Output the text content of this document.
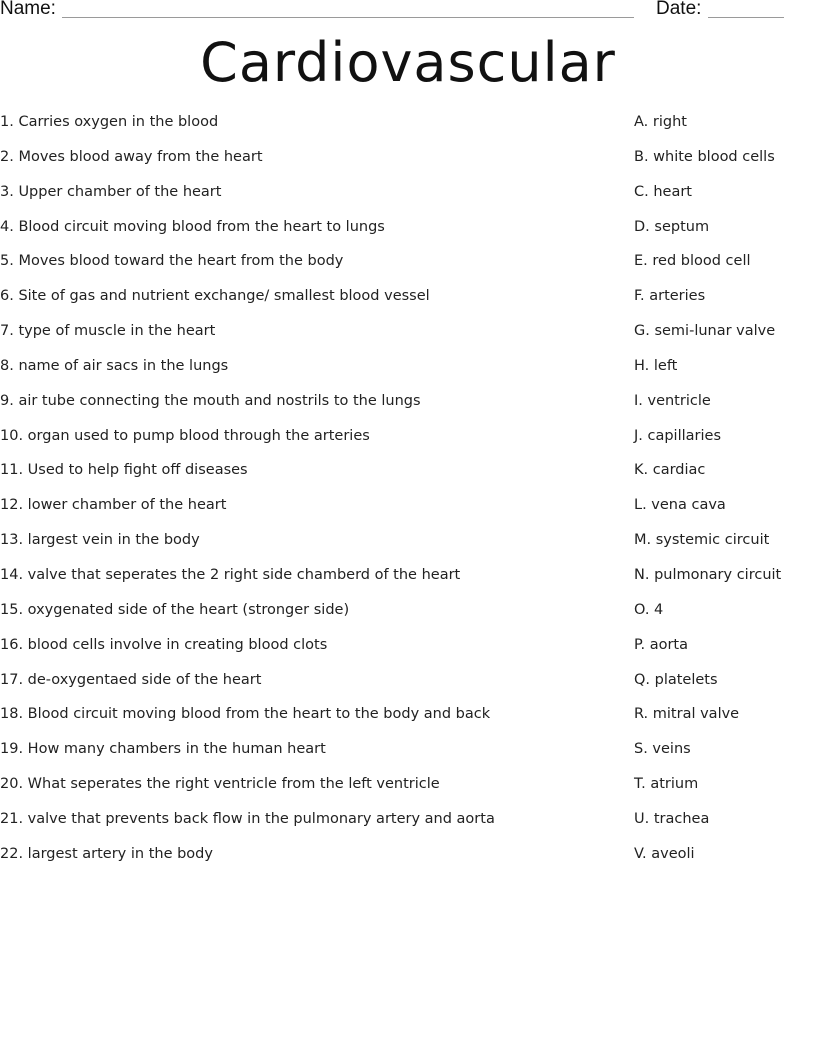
Name:	Date:
Cardiovascular
1. Carries oxygen in the blood
2. Moves blood away from the heart
3. Upper chamber of the heart
4. Blood circuit moving blood from the heart to lungs
5. Moves blood toward the heart from the body
6. Site of gas and nutrient exchange/ smallest blood vessel
7. type of muscle in the heart
8. name of air sacs in the lungs
9. air tube connecting the mouth and nostrils to the lungs
10. organ used to pump blood through the arteries
11. Used to help fight off diseases
12. lower chamber of the heart
13. largest vein in the body
14. valve that seperates the 2 right side chamberd of the heart
15. oxygenated side of the heart (stronger side)
16. blood cells involve in creating blood clots
17. de-oxygentaed side of the heart
18. Blood circuit moving blood from the heart to the body and back
19. How many chambers in the human heart
20. What seperates the right ventricle from the left ventricle
21. valve that prevents back flow in the pulmonary artery and aorta
22. largest artery in the body
A. right
B. white blood cells
C. heart
D. septum
E. red blood cell
F. arteries
G. semi-lunar valve
H. left
I. ventricle
J. capillaries
K. cardiac
L. vena cava
M. systemic circuit
N. pulmonary circuit
O. 4
P. aorta
Q. platelets
R. mitral valve
S. veins
T. atrium
U. trachea
V. aveoli
